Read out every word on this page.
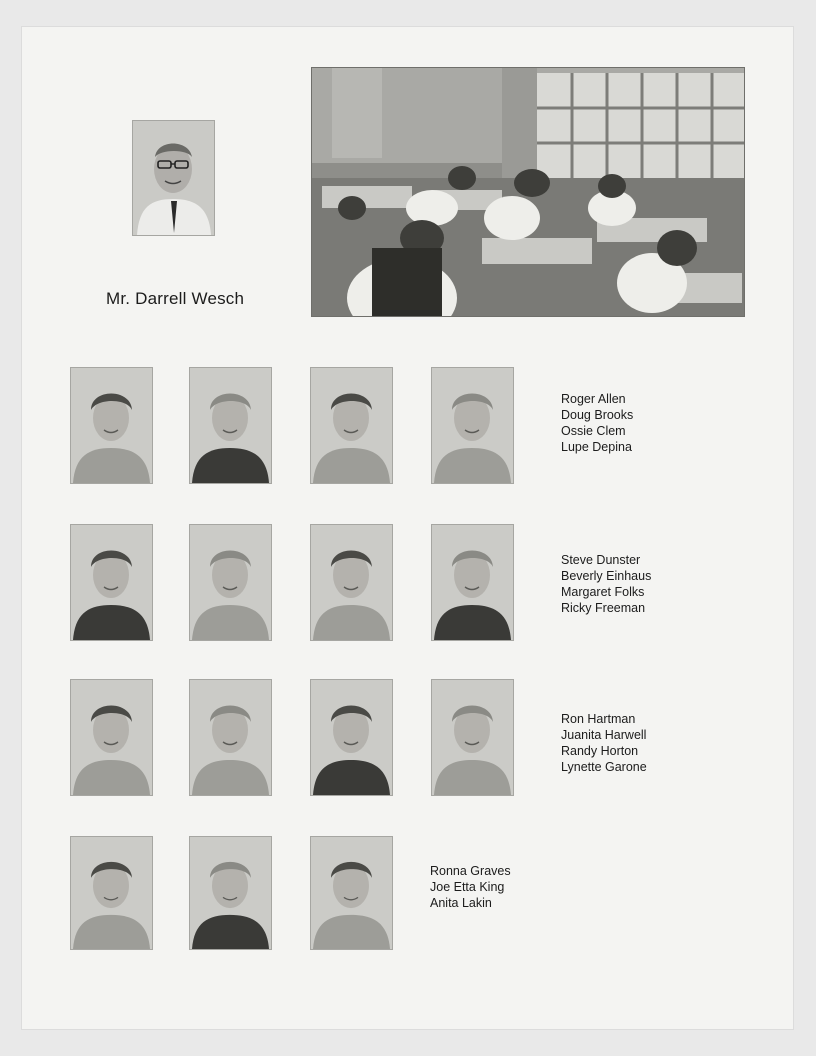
Mr. Darrell Wesch
Roger Allen
Doug Brooks
Ossie Clem
Lupe Depina
Steve Dunster
Beverly Einhaus
Margaret Folks
Ricky Freeman
Ron Hartman
Juanita Harwell
Randy Horton
Lynette Garone
Ronna Graves
Joe Etta King
Anita Lakin
